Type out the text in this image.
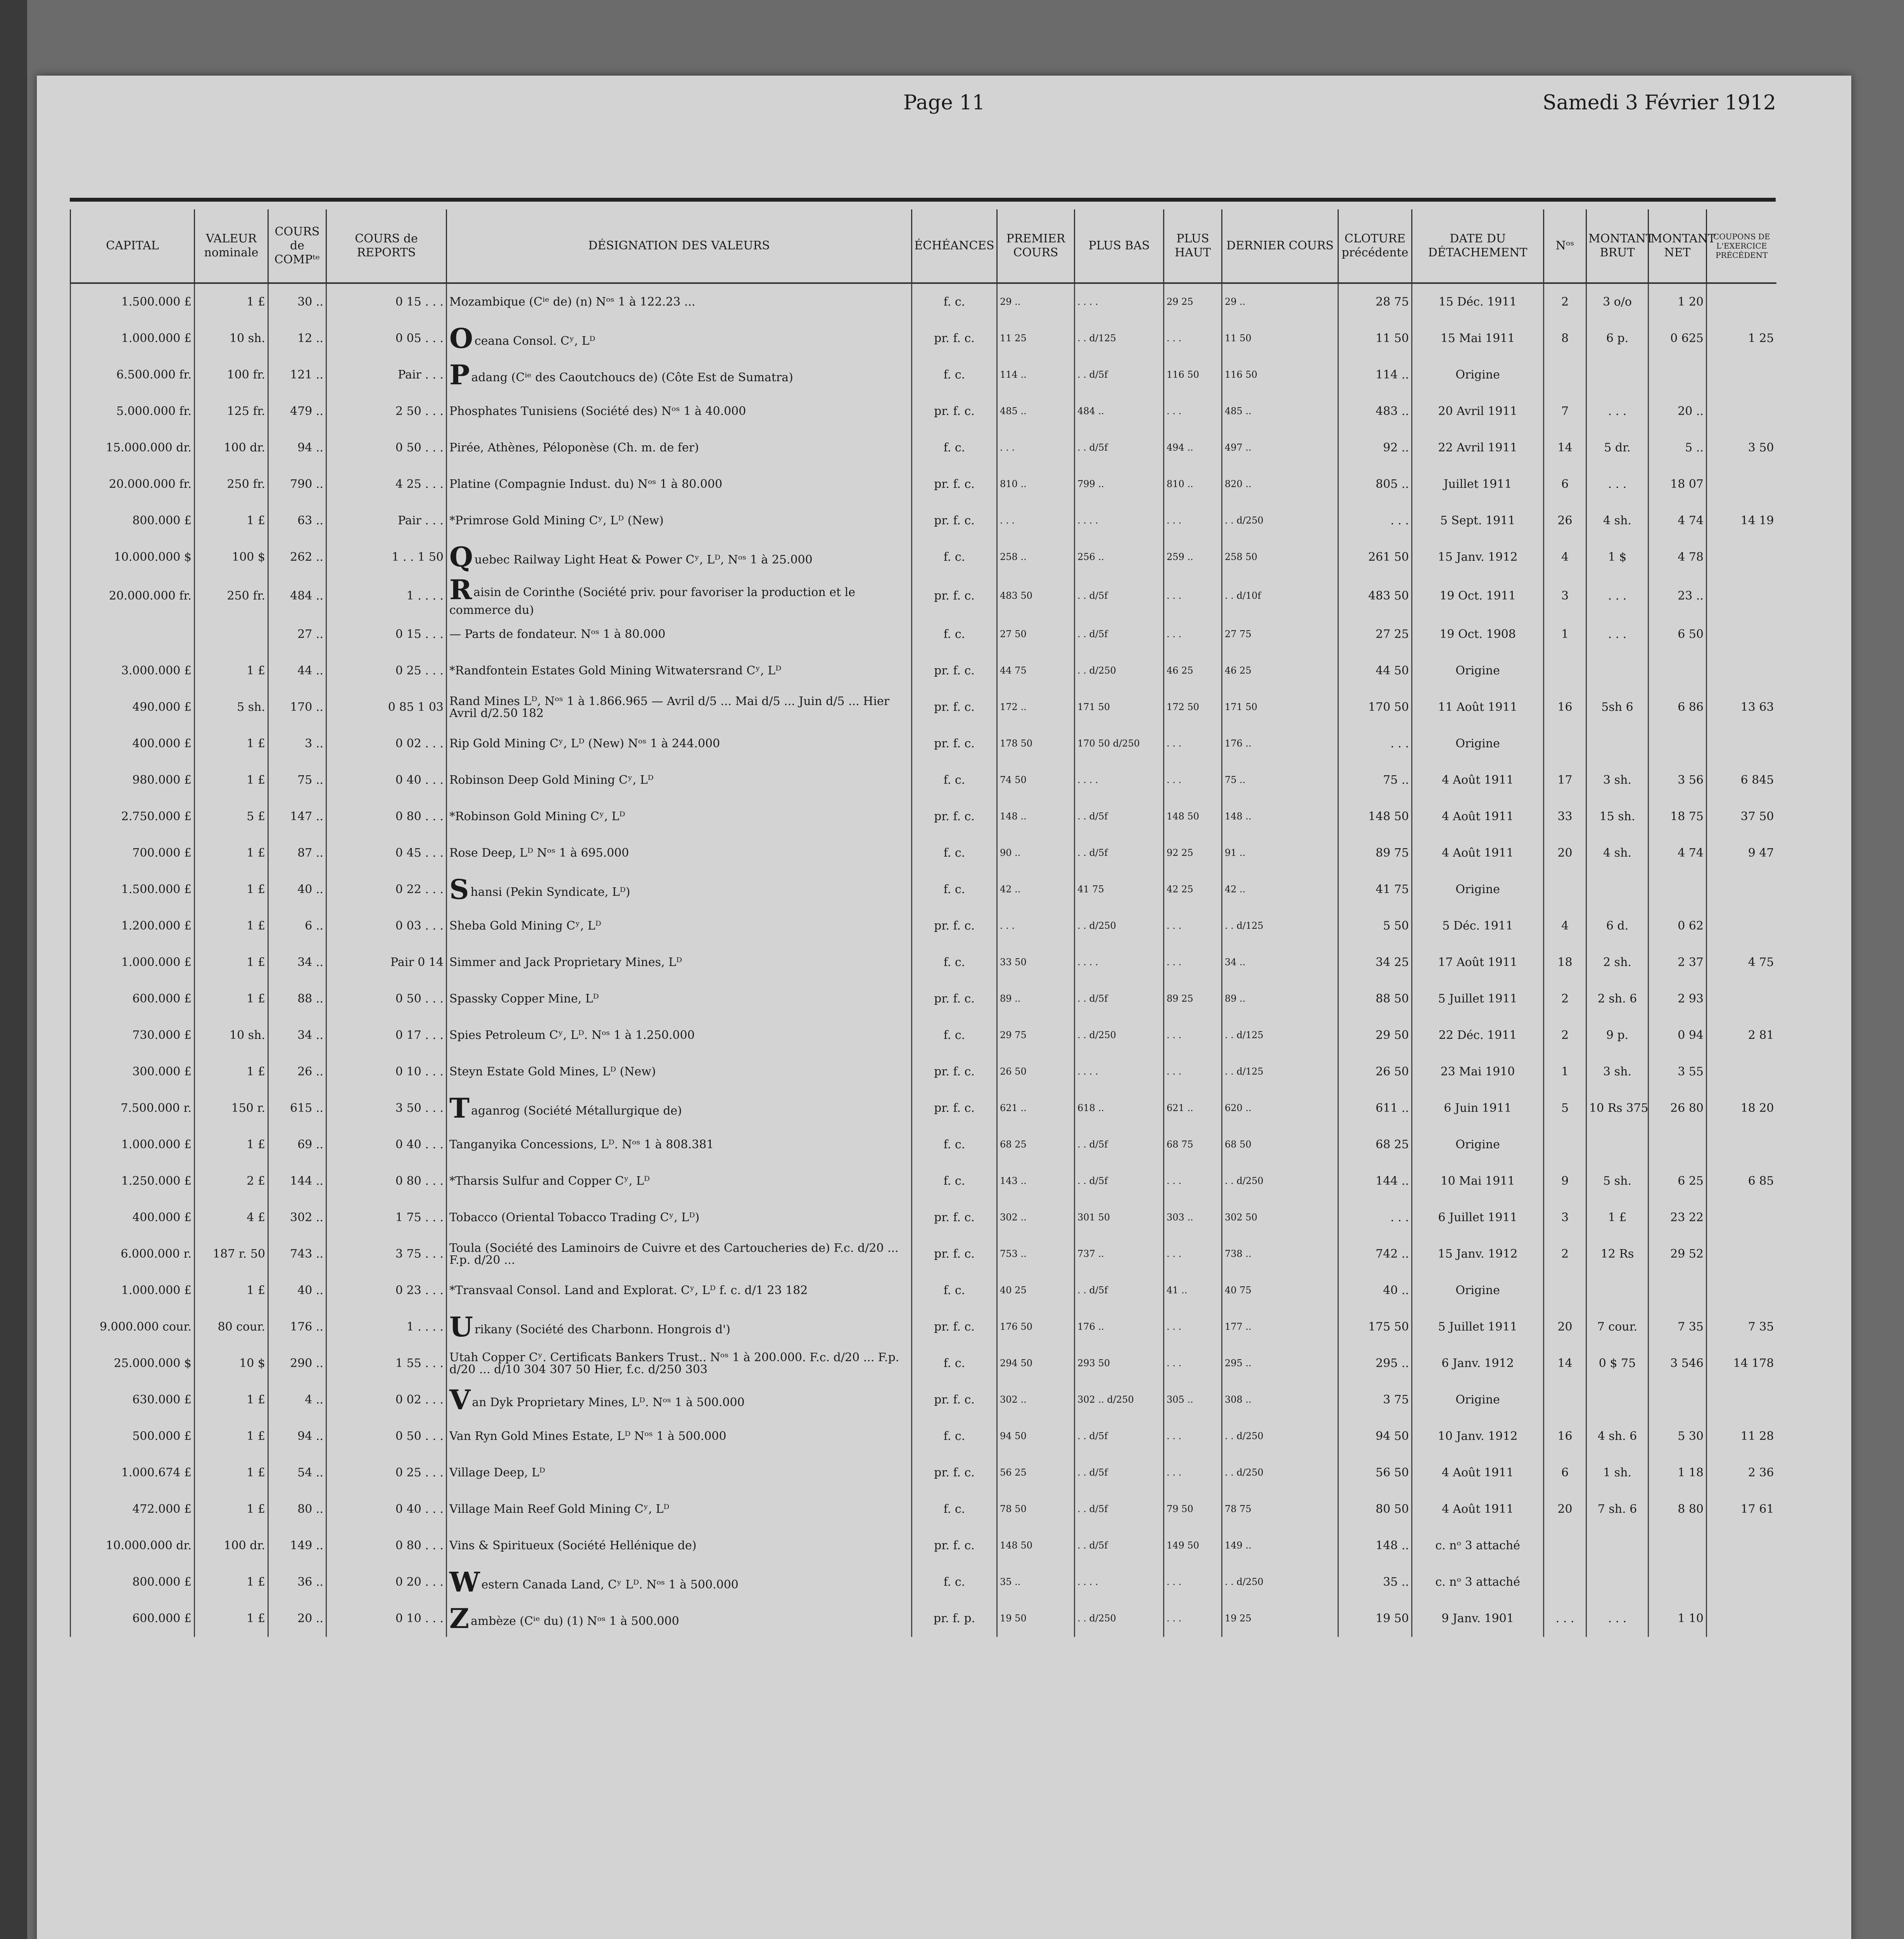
Page 11	Samedi 3 Février 1912
CAPITAL	VALEUR nominale	COURS de COMPᵗᵉ	COURS de REPORTS	DÉSIGNATION DES VALEURS	ÉCHÉANCES	PREMIER COURS	PLUS BAS	PLUS HAUT	DERNIER COURS	CLOTURE précédente	DATE DU DÉTACHEMENT	Nᵒˢ	MONTANT BRUT	MONTANT NET	COUPONS DE L'EXERCICE PRÉCÉDENT
1.500.000 £	1 £	30 ..	0 15 . . .	Mozambique (Cⁱᵉ de) (n) Nᵒˢ 1 à 122.23 ...	f. c.	29 ..	. . . .	29 25	29 ..	28 75	15 Déc. 1911	2	3 o/o	1 20	
1.000.000 £	10 sh.	12 ..	0 05 . . .	O ceana Consol. Cʸ, Lᴰ	pr. f. c.	11 25	. . d/125	. . .	11 50	11 50	15 Mai 1911	8	6 p.	0 625	1 25
6.500.000 fr.	100 fr.	121 ..	Pair . . .	P adang (Cⁱᵉ des Caoutchoucs de) (Côte Est de Sumatra)	f. c.	114 ..	. . d/5f	116 50	116 50	114 ..	Origine				
5.000.000 fr.	125 fr.	479 ..	2 50 . . .	Phosphates Tunisiens (Société des) Nᵒˢ 1 à 40.000	pr. f. c.	485 ..	484 ..	. . .	485 ..	483 ..	20 Avril 1911	7	. . .	20 ..	
15.000.000 dr.	100 dr.	94 ..	0 50 . . .	Pirée, Athènes, Péloponèse (Ch. m. de fer)	f. c.	. . .	. . d/5f	494 ..	497 ..	92 ..	22 Avril 1911	14	5 dr.	5 ..	3 50
20.000.000 fr.	250 fr.	790 ..	4 25 . . .	Platine (Compagnie Indust. du) Nᵒˢ 1 à 80.000	pr. f. c.	810 ..	799 ..	810 ..	820 ..	805 ..	Juillet 1911	6	. . .	18 07	
800.000 £	1 £	63 ..	Pair . . .	*Primrose Gold Mining Cʸ, Lᴰ (New)	pr. f. c.	. . .	. . . .	. . .	. . d/250	. . .	5 Sept. 1911	26	4 sh.	4 74	14 19
10.000.000 $	100 $	262 ..	1 . . 1 50	Q uebec Railway Light Heat & Power Cʸ, Lᴰ, Nᵒˢ 1 à 25.000	f. c.	258 ..	256 ..	259 ..	258 50	261 50	15 Janv. 1912	4	1 $	4 78	
20.000.000 fr.	250 fr.	484 ..	1 . . . .	R aisin de Corinthe (Société priv. pour favoriser la production et le commerce du)	pr. f. c.	483 50	. . d/5f	. . .	. . d/10f	483 50	19 Oct. 1911	3	. . .	23 ..	
		27 ..	0 15 . . .	— Parts de fondateur. Nᵒˢ 1 à 80.000	f. c.	27 50	. . d/5f	. . .	27 75	27 25	19 Oct. 1908	1	. . .	6 50	
3.000.000 £	1 £	44 ..	0 25 . . .	*Randfontein Estates Gold Mining Witwatersrand Cʸ, Lᴰ	pr. f. c.	44 75	. . d/250	46 25	46 25	44 50	Origine				
490.000 £	5 sh.	170 ..	0 85 1 03	Rand Mines Lᴰ, Nᵒˢ 1 à 1.866.965 — Avril d/5 ... Mai d/5 ... Juin d/5 ... Hier Avril d/2.50 182	pr. f. c.	172 ..	171 50	172 50	171 50	170 50	11 Août 1911	16	5sh 6	6 86	13 63
400.000 £	1 £	3 ..	0 02 . . .	Rip Gold Mining Cʸ, Lᴰ (New) Nᵒˢ 1 à 244.000	pr. f. c.	178 50	170 50 d/250	. . .	176 ..	. . .	Origine				
980.000 £	1 £	75 ..	0 40 . . .	Robinson Deep Gold Mining Cʸ, Lᴰ	f. c.	74 50	. . . .	. . .	75 ..	75 ..	4 Août 1911	17	3 sh.	3 56	6 845
2.750.000 £	5 £	147 ..	0 80 . . .	*Robinson Gold Mining Cʸ, Lᴰ	pr. f. c.	148 ..	. . d/5f	148 50	148 ..	148 50	4 Août 1911	33	15 sh.	18 75	37 50
700.000 £	1 £	87 ..	0 45 . . .	Rose Deep, Lᴰ Nᵒˢ 1 à 695.000	f. c.	90 ..	. . d/5f	92 25	91 ..	89 75	4 Août 1911	20	4 sh.	4 74	9 47
1.500.000 £	1 £	40 ..	0 22 . . .	S hansi (Pekin Syndicate, Lᴰ)	f. c.	42 ..	41 75	42 25	42 ..	41 75	Origine				
1.200.000 £	1 £	6 ..	0 03 . . .	Sheba Gold Mining Cʸ, Lᴰ	pr. f. c.	. . .	. . d/250	. . .	. . d/125	5 50	5 Déc. 1911	4	6 d.	0 62	
1.000.000 £	1 £	34 ..	Pair 0 14	Simmer and Jack Proprietary Mines, Lᴰ	f. c.	33 50	. . . .	. . .	34 ..	34 25	17 Août 1911	18	2 sh.	2 37	4 75
600.000 £	1 £	88 ..	0 50 . . .	Spassky Copper Mine, Lᴰ	pr. f. c.	89 ..	. . d/5f	89 25	89 ..	88 50	5 Juillet 1911	2	2 sh. 6	2 93	
730.000 £	10 sh.	34 ..	0 17 . . .	Spies Petroleum Cʸ, Lᴰ. Nᵒˢ 1 à 1.250.000	f. c.	29 75	. . d/250	. . .	. . d/125	29 50	22 Déc. 1911	2	9 p.	0 94	2 81
300.000 £	1 £	26 ..	0 10 . . .	Steyn Estate Gold Mines, Lᴰ (New)	pr. f. c.	26 50	. . . .	. . .	. . d/125	26 50	23 Mai 1910	1	3 sh.	3 55	
7.500.000 r.	150 r.	615 ..	3 50 . . .	T aganrog (Société Métallurgique de)	pr. f. c.	621 ..	618 ..	621 ..	620 ..	611 ..	6 Juin 1911	5	10 Rs 375	26 80	18 20
1.000.000 £	1 £	69 ..	0 40 . . .	Tanganyika Concessions, Lᴰ. Nᵒˢ 1 à 808.381	f. c.	68 25	. . d/5f	68 75	68 50	68 25	Origine				
1.250.000 £	2 £	144 ..	0 80 . . .	*Tharsis Sulfur and Copper Cʸ, Lᴰ	f. c.	143 ..	. . d/5f	. . .	. . d/250	144 ..	10 Mai 1911	9	5 sh.	6 25	6 85
400.000 £	4 £	302 ..	1 75 . . .	Tobacco (Oriental Tobacco Trading Cʸ, Lᴰ)	pr. f. c.	302 ..	301 50	303 ..	302 50	. . .	6 Juillet 1911	3	1 £	23 22	
6.000.000 r.	187 r. 50	743 ..	3 75 . . .	Toula (Société des Laminoirs de Cuivre et des Cartoucheries de) F.c. d/20 ... F.p. d/20 ...	pr. f. c.	753 ..	737 ..	. . .	738 ..	742 ..	15 Janv. 1912	2	12 Rs	29 52	
1.000.000 £	1 £	40 ..	0 23 . . .	*Transvaal Consol. Land and Explorat. Cʸ, Lᴰ f. c. d/1 23 182	f. c.	40 25	. . d/5f	41 ..	40 75	40 ..	Origine				
9.000.000 cour.	80 cour.	176 ..	1 . . . .	U rikany (Société des Charbonn. Hongrois d')	pr. f. c.	176 50	176 ..	. . .	177 ..	175 50	5 Juillet 1911	20	7 cour.	7 35	7 35
25.000.000 $	10 $	290 ..	1 55 . . .	Utah Copper Cʸ. Certificats Bankers Trust.. Nᵒˢ 1 à 200.000. F.c. d/20 ... F.p. d/20 ... d/10 304 307 50 Hier, f.c. d/250 303	f. c.	294 50	293 50	. . .	295 ..	295 ..	6 Janv. 1912	14	0 $ 75	3 546	14 178
630.000 £	1 £	4 ..	0 02 . . .	V an Dyk Proprietary Mines, Lᴰ. Nᵒˢ 1 à 500.000	pr. f. c.	302 ..	302 .. d/250	305 ..	308 ..	3 75	Origine				
500.000 £	1 £	94 ..	0 50 . . .	Van Ryn Gold Mines Estate, Lᴰ Nᵒˢ 1 à 500.000	f. c.	94 50	. . d/5f	. . .	. . d/250	94 50	10 Janv. 1912	16	4 sh. 6	5 30	11 28
1.000.674 £	1 £	54 ..	0 25 . . .	Village Deep, Lᴰ	pr. f. c.	56 25	. . d/5f	. . .	. . d/250	56 50	4 Août 1911	6	1 sh.	1 18	2 36
472.000 £	1 £	80 ..	0 40 . . .	Village Main Reef Gold Mining Cʸ, Lᴰ	f. c.	78 50	. . d/5f	79 50	78 75	80 50	4 Août 1911	20	7 sh. 6	8 80	17 61
10.000.000 dr.	100 dr.	149 ..	0 80 . . .	Vins & Spiritueux (Société Hellénique de)	pr. f. c.	148 50	. . d/5f	149 50	149 ..	148 ..	c. nᵒ 3 attaché				
800.000 £	1 £	36 ..	0 20 . . .	W estern Canada Land, Cʸ Lᴰ. Nᵒˢ 1 à 500.000	f. c.	35 ..	. . . .	. . .	. . d/250	35 ..	c. nᵒ 3 attaché				
600.000 £	1 £	20 ..	0 10 . . .	Z ambèze (Cⁱᵉ du) (1) Nᵒˢ 1 à 500.000	pr. f. p.	19 50	. . d/250	. . .	19 25	19 50	9 Janv. 1901	. . .	. . .	1 10	
